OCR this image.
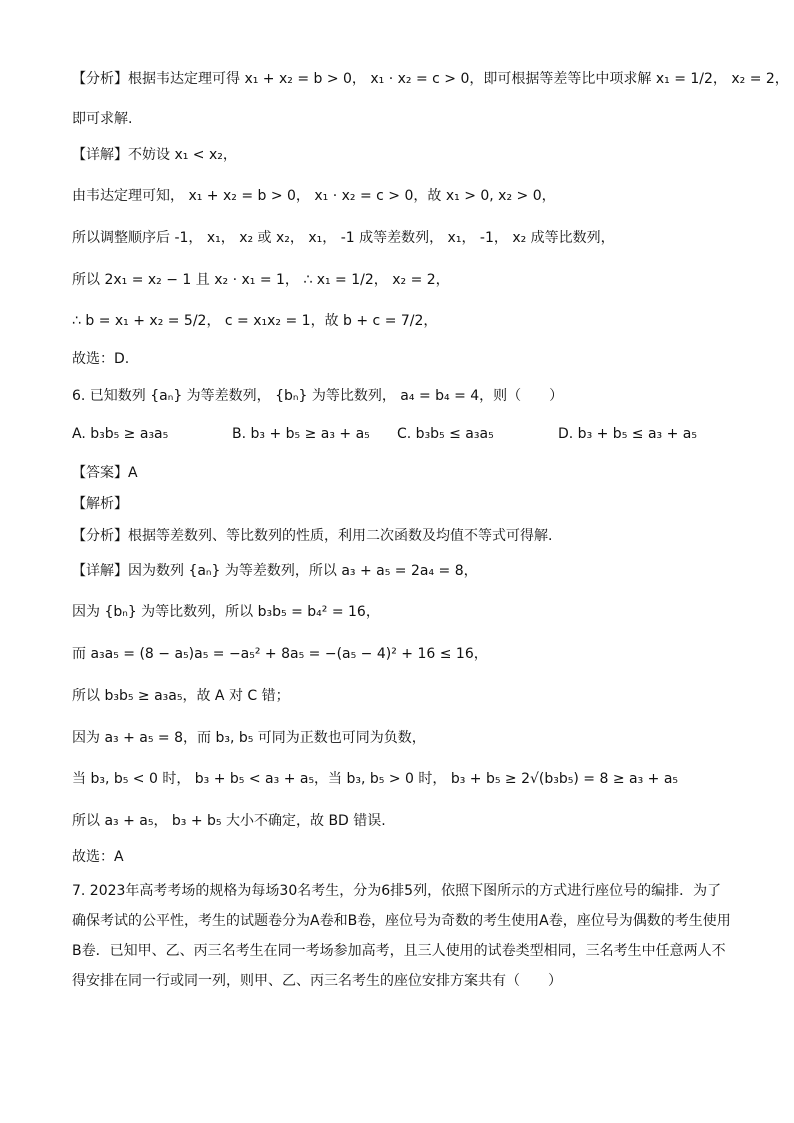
【分析】根据韦达定理可得 x₁ + x₂ = b > 0， x₁ · x₂ = c > 0，即可根据等差等比中项求解 x₁ = 1/2， x₂ = 2，
即可求解.
【详解】不妨设 x₁ < x₂，
由韦达定理可知， x₁ + x₂ = b > 0， x₁ · x₂ = c > 0，故 x₁ > 0, x₂ > 0，
所以调整顺序后 -1， x₁， x₂ 或 x₂， x₁， -1 成等差数列， x₁， -1， x₂ 成等比数列，
所以 2x₁ = x₂ − 1 且 x₂ · x₁ = 1， ∴ x₁ = 1/2， x₂ = 2，
∴ b = x₁ + x₂ = 5/2， c = x₁x₂ = 1，故 b + c = 7/2，
故选：D.
6. 已知数列 {aₙ} 为等差数列， {bₙ} 为等比数列， a₄ = b₄ = 4，则（　　）
A. b₃b₅ ≥ a₃a₅	B. b₃ + b₅ ≥ a₃ + a₅ C. b₃b₅ ≤ a₃a₅	D. b₃ + b₅ ≤ a₃ + a₅
【答案】A
【解析】
【分析】根据等差数列、等比数列的性质，利用二次函数及均值不等式可得解.
【详解】因为数列 {aₙ} 为等差数列，所以 a₃ + a₅ = 2a₄ = 8，
因为 {bₙ} 为等比数列，所以 b₃b₅ = b₄² = 16，
而 a₃a₅ = (8 − a₅)a₅ = −a₅² + 8a₅ = −(a₅ − 4)² + 16 ≤ 16，
所以 b₃b₅ ≥ a₃a₅，故 A 对 C 错；
因为 a₃ + a₅ = 8，而 b₃, b₅ 可同为正数也可同为负数，
当 b₃, b₅ < 0 时， b₃ + b₅ < a₃ + a₅，当 b₃, b₅ > 0 时， b₃ + b₅ ≥ 2√(b₃b₅) = 8 ≥ a₃ + a₅
所以 a₃ + a₅， b₃ + b₅ 大小不确定，故 BD 错误.
故选：A
7. 2023年高考考场的规格为每场30名考生，分为6排5列，依照下图所示的方式进行座位号的编排．为了确保考试的公平性，考生的试题卷分为A卷和B卷，座位号为奇数的考生使用A卷，座位号为偶数的考生使用B卷．已知甲、乙、丙三名考生在同一考场参加高考，且三人使用的试卷类型相同，三名考生中任意两人不得安排在同一行或同一列，则甲、乙、丙三名考生的座位安排方案共有（　　）
